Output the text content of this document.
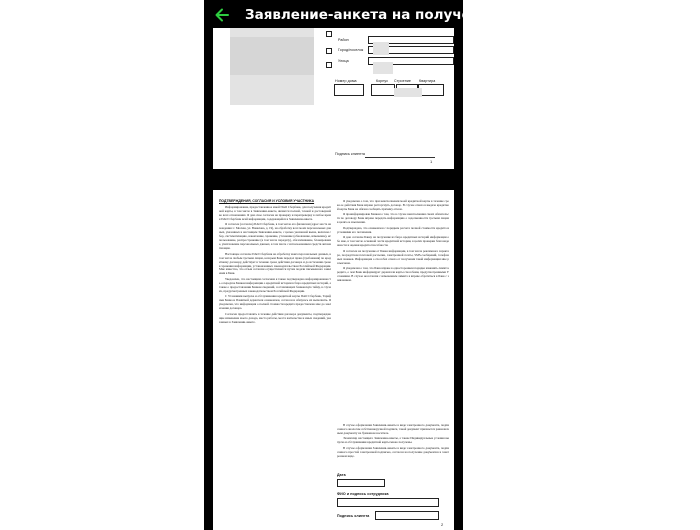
Заявление-анкета на получени...
Район
Город/поселок
Улица
Номер дома	Корпус Строение Квартира
Подпись клиента
1
ПОДТВЕРЖДЕНИЯ, СОГЛАСИЯ И УСЛОВИЯ УЧАСТНИКА

Информирование, предоставленное мной ПАО Сбербанк, для получения кредитной карты, в том числе в Заявлении-анкете, является полной, точной и достоверной во всех отношениях. Я даю свое согласие на проверку и перепроверку в любое время ПАО Сбербанк всей информации, содержащейся в Заявлении-анкете.

Я согласен (согласна) ПАО Сбербанк, в том числе его филиалам (адрес места нахождения: г. Москва, ул. Вавилова, д. 19), на обработку всех моих персональных данных, указанных в настоящем Заявлении-анкете, с целью указанной выше, включая сбор, систематизацию, накопление, хранение, уточнение (обновление, изменение), использование, распространение (в том числе передачу), обезличивание, блокирование, уничтожение персональных данных, в том числе с использованием средств автоматизации.

Настоящее согласие ПАО Сбербанк на обработку моих персональных данных, в том числе любым третьим лицам, которым Банк передал права (требования) по кредитному договору, действует в течение срока действия договора и до истечения сроков хранения информации, установленных законодательством Российской Федерации. Мне известно, что отзыв согласия осуществляется путем подачи письменного заявления в Банк.

Уведомлен, что настоящим согласием я также подтверждаю информированность о передаче Банком информации о кредитной истории в бюро кредитных историй, а также о предоставлении Банком сведений, составляющих банковскую тайну, в случаях, предусмотренных законодательством Российской Федерации.

С Условиями выпуска и обслуживания кредитной карты ПАО Сбербанк, Тарифами Банка и Памяткой держателя ознакомлен, согласен и обязуюсь их выполнять. Я уведомлен, что информация о полной стоимости кредита предоставлена мне до заключения договора.

Согласен предоставлять в течение действия договора документы, подтверждающие изменение моего дохода, места работы, места жительства и иных сведений, указанных в Заявлении-анкете.

Я уведомлен о том, что при неисполнении моей кредитной карты в течение срока ее действия Банк вправе расторгнуть договор. В случае отказа в выдаче кредитной карты Банк не обязан сообщать причину отказа.

Я проинформирован Банком о том, что в случае неисполнения своих обязательств по договору Банк вправе передать информацию о задолженности третьим лицам в целях ее взыскания.

Подтверждаю, что ознакомлен с порядком расчета полной стоимости кредита и условиями его погашения.

Я даю согласие Банку на получение из бюро кредитных историй информации обо мне, в том числе основной части кредитной истории, в целях проверки благонадежности и оценки кредитоспособности.

Я согласен на получение от Банка информации, в том числе рекламного характера, посредством почтовой рассылки, электронной почты, SMS-сообщений, телефонных звонков. Информация о способах отказа от получения такой информации мне разъяснена.

Я уведомлен о том, что Банк вправе в одностороннем порядке изменять лимит кредита, о чем Банк информирует держателя карты способами, предусмотренными Условиями. В случае несогласия с изменением лимита я вправе обратиться в Банк с заявлением.

В случае оформления Заявления-анкеты в виде электронного документа, подписанного аналогом собственноручной подписи, такой документ признается равнозначным документу на бумажном носителе.

Экземпляр настоящего Заявления-анкеты, а также Индивидуальные условия выпуска и обслуживания кредитной карты мною получены.

В случае оформления Заявления-анкеты в виде электронного документа, подписанного простой электронной подписью, согласен на получение документов в электронном виде.

Дата
ФИО и подпись сотрудника
Подпись клиента
2
